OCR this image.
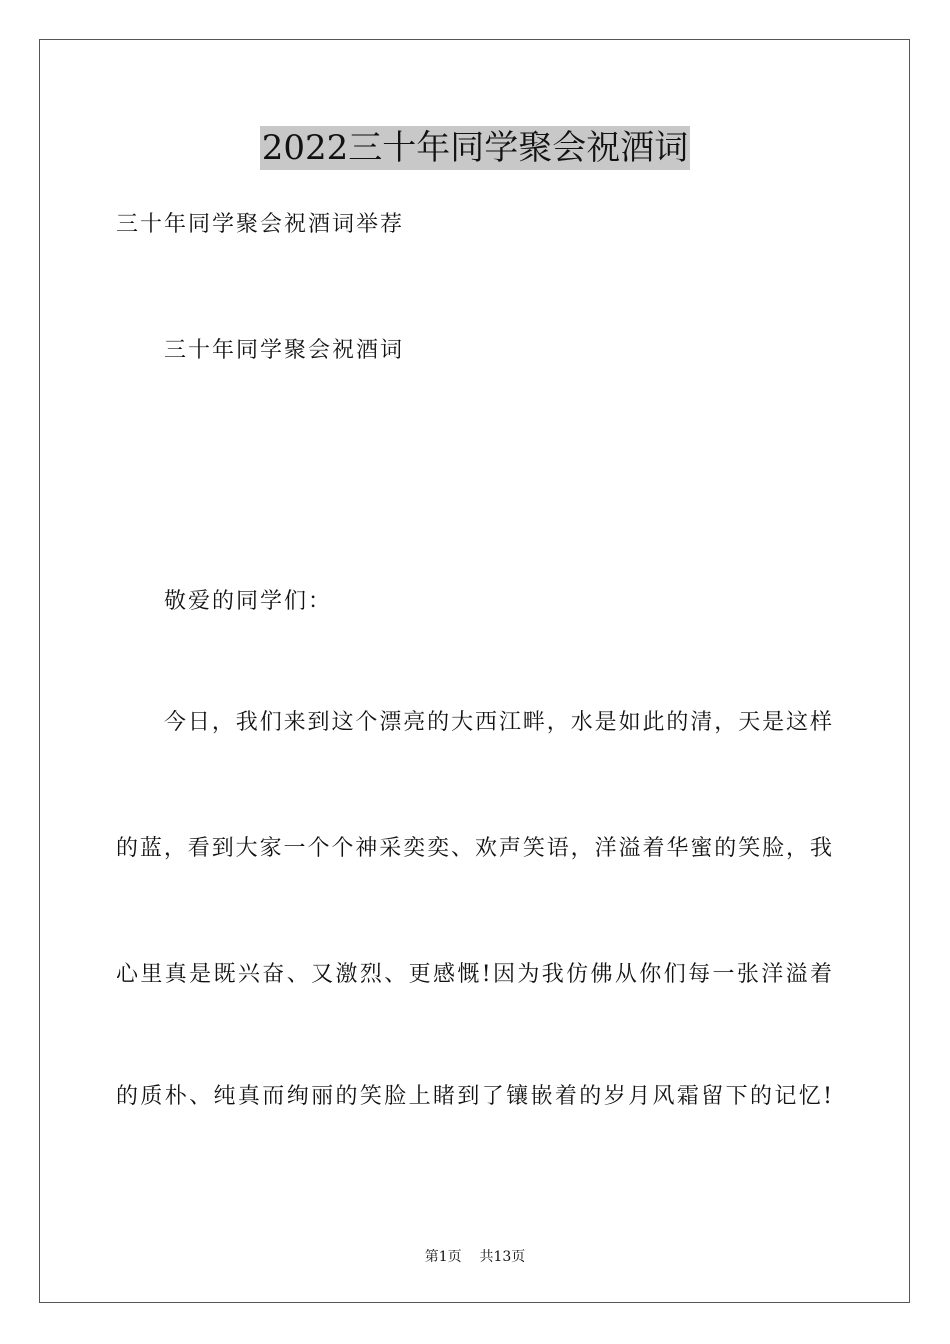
2022三十年同学聚会祝酒词
三十年同学聚会祝酒词举荐
三十年同学聚会祝酒词
敬爱的同学们：
今日，我们来到这个漂亮的大西江畔，水是如此的清，天是这样
的蓝，看到大家一个个神采奕奕、欢声笑语，洋溢着华蜜的笑脸，我
心里真是既兴奋、又激烈、更感慨!因为我仿佛从你们每一张洋溢着
的质朴、纯真而绚丽的笑脸上睹到了镶嵌着的岁月风霜留下的记忆!
第1页 共13页
